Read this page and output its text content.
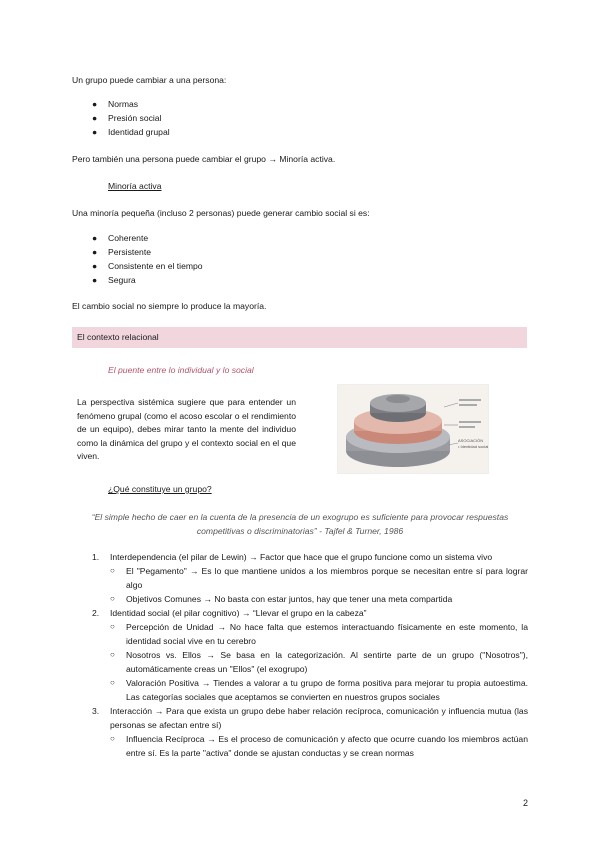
Un grupo puede cambiar a una persona:

● Normas
● Presión social
● Identidad grupal

Pero también una persona puede cambiar el grupo → Minoría activa.

Minoría activa

Una minoría pequeña (incluso 2 personas) puede generar cambio social si es:

● Coherente
● Persistente
● Consistente en el tiempo
● Segura

El cambio social no siempre lo produce la mayoría.

El contexto relacional

El puente entre lo individual y lo social

La perspectiva sistémica sugiere que para entender un fenómeno grupal (como el acoso escolar o el rendimiento de un equipo), debes mirar tanto la mente del individuo como la dinámica del grupo y el contexto social en el que viven.

ASOCIACIÓN
• Identidad social

¿Qué constituye un grupo?

“El simple hecho de caer en la cuenta de la presencia de un exogrupo es suficiente para provocar respuestas competitivas o discriminatorias” - Tajfel & Turner, 1986

1. Interdependencia (el pilar de Lewin) → Factor que hace que el grupo funcione como un sistema vivo
○ El "Pegamento" → Es lo que mantiene unidos a los miembros porque se necesitan entre sí para lograr algo
○ Objetivos Comunes → No basta con estar juntos, hay que tener una meta compartida
2. Identidad social (el pilar cognitivo) → “Llevar el grupo en la cabeza”
○ Percepción de Unidad → No hace falta que estemos interactuando físicamente en este momento, la identidad social vive en tu cerebro
○ Nosotros vs. Ellos → Se basa en la categorización. Al sentirte parte de un grupo ("Nosotros"), automáticamente creas un "Ellos" (el exogrupo)
○ Valoración Positiva → Tiendes a valorar a tu grupo de forma positiva para mejorar tu propia autoestima. Las categorías sociales que aceptamos se convierten en nuestros grupos sociales
3. Interacción → Para que exista un grupo debe haber relación recíproca, comunicación y influencia mutua (las personas se afectan entre sí)
○ Influencia Recíproca → Es el proceso de comunicación y afecto que ocurre cuando los miembros actúan entre sí. Es la parte "activa" donde se ajustan conductas y se crean normas
2
